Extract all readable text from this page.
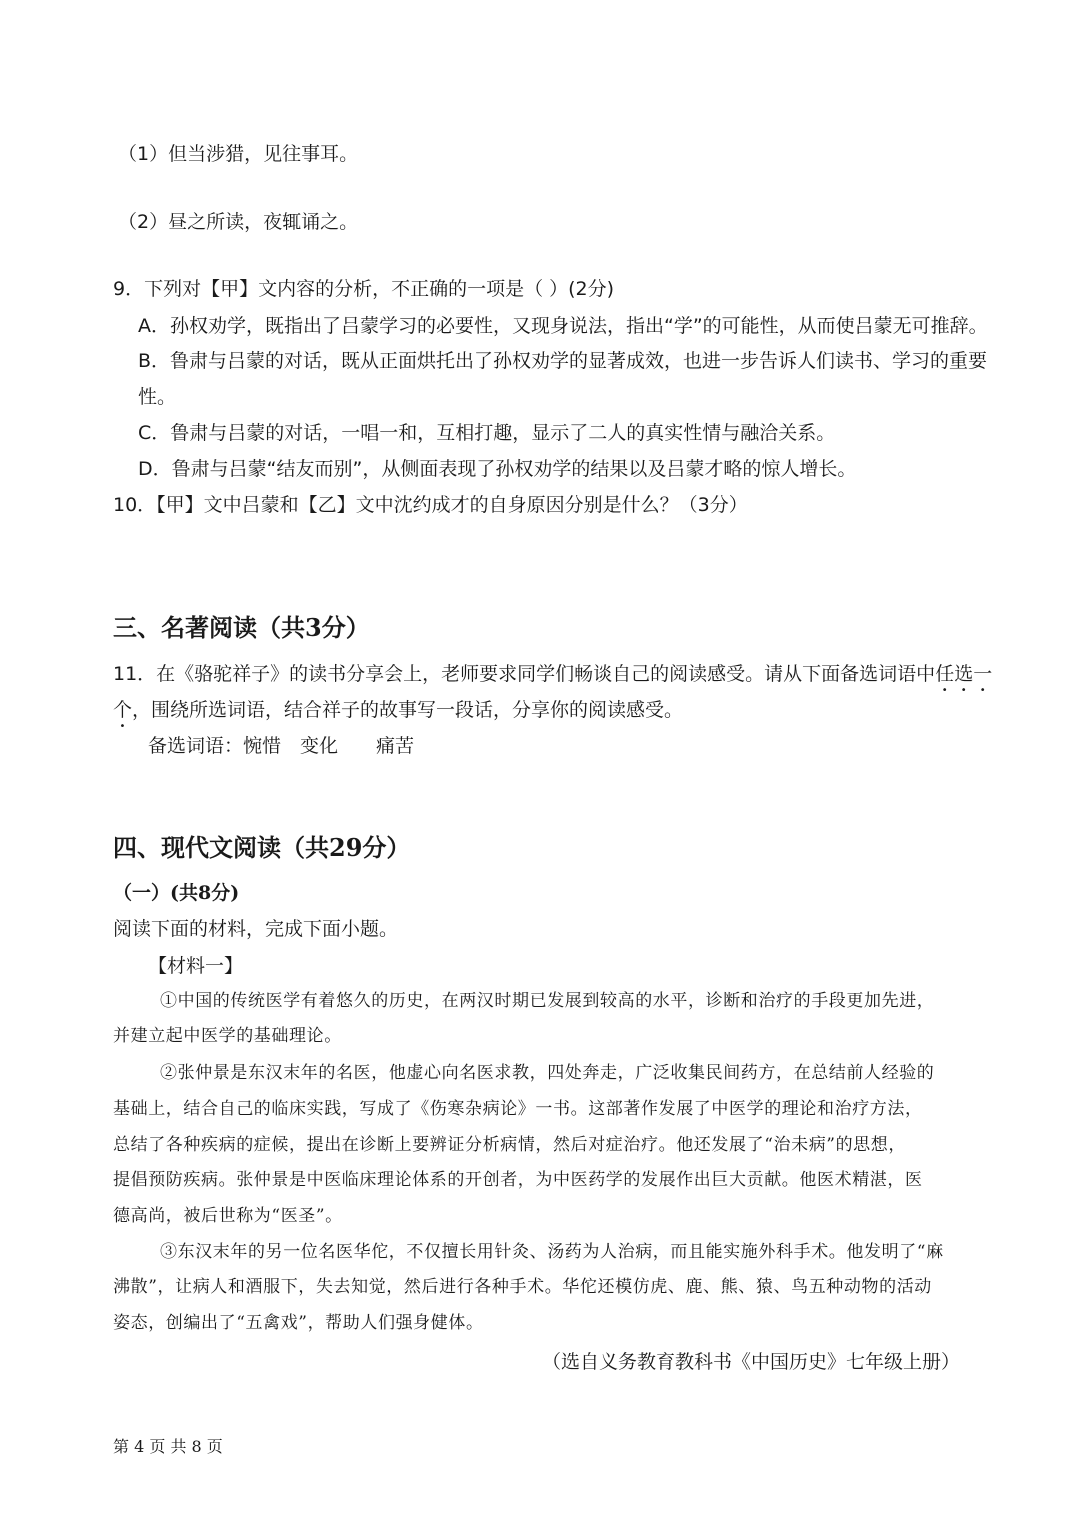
（1）但当涉猎，见往事耳。
（2）昼之所读，夜辄诵之。
9．下列对【甲】文内容的分析，不正确的一项是（ ）(2分)
A．孙权劝学，既指出了吕蒙学习的必要性，又现身说法，指出“学”的可能性，从而使吕蒙无可推辞。
B．鲁肃与吕蒙的对话，既从正面烘托出了孙权劝学的显著成效，也进一步告诉人们读书、学习的重要
性。
C．鲁肃与吕蒙的对话，一唱一和，互相打趣，显示了二人的真实性情与融洽关系。
D．鲁肃与吕蒙“结友而别”，从侧面表现了孙权劝学的结果以及吕蒙才略的惊人增长。
10．【甲】文中吕蒙和【乙】文中沈约成才的自身原因分别是什么？（3分）
三、名著阅读（共3分）
11．在《骆驼祥子》的读书分享会上，老师要求同学们畅谈自己的阅读感受。请从下面备选词语中任选一
个，围绕所选词语，结合祥子的故事写一段话，分享你的阅读感受。
备选词语：惋惜　变化　　痛苦
四、现代文阅读（共29分）
（一）(共8分)
阅读下面的材料，完成下面小题。
【材料一】
①中国的传统医学有着悠久的历史，在两汉时期已发展到较高的水平，诊断和治疗的手段更加先进，
并建立起中医学的基础理论。
②张仲景是东汉末年的名医，他虚心向名医求教，四处奔走，广泛收集民间药方，在总结前人经验的
基础上，结合自己的临床实践，写成了《伤寒杂病论》一书。这部著作发展了中医学的理论和治疗方法，
总结了各种疾病的症候，提出在诊断上要辨证分析病情，然后对症治疗。他还发展了“治未病”的思想，
提倡预防疾病。张仲景是中医临床理论体系的开创者，为中医药学的发展作出巨大贡献。他医术精湛，医
德高尚，被后世称为“医圣”。
③东汉末年的另一位名医华佗，不仅擅长用针灸、汤药为人治病，而且能实施外科手术。他发明了“麻
沸散”，让病人和酒服下，失去知觉，然后进行各种手术。华佗还模仿虎、鹿、熊、猿、鸟五种动物的活动
姿态，创编出了“五禽戏”，帮助人们强身健体。
（选自义务教育教科书《中国历史》七年级上册）
第 4 页 共 8 页
